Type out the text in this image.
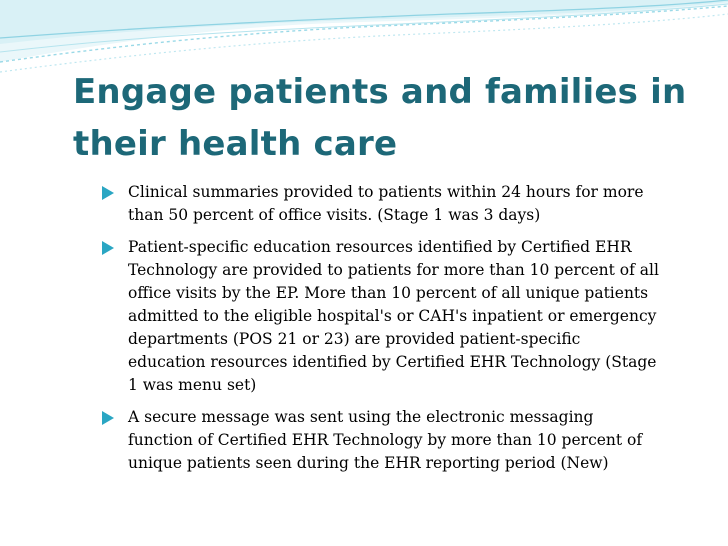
Engage patients and families in their health care
Clinical summaries provided to patients within 24 hours for more than 50 percent of office visits. (Stage 1 was 3 days)
Patient-specific education resources identified by Certified EHR Technology are provided to patients for more than 10 percent of all office visits by the EP. More than 10 percent of all unique patients admitted to the eligible hospital's or CAH's inpatient or emergency departments (POS 21 or 23) are provided patient-specific education resources identified by Certified EHR Technology (Stage 1 was menu set)
A secure message was sent using the electronic messaging function of Certified EHR Technology by more than 10 percent of unique patients seen during the EHR reporting period (New)
